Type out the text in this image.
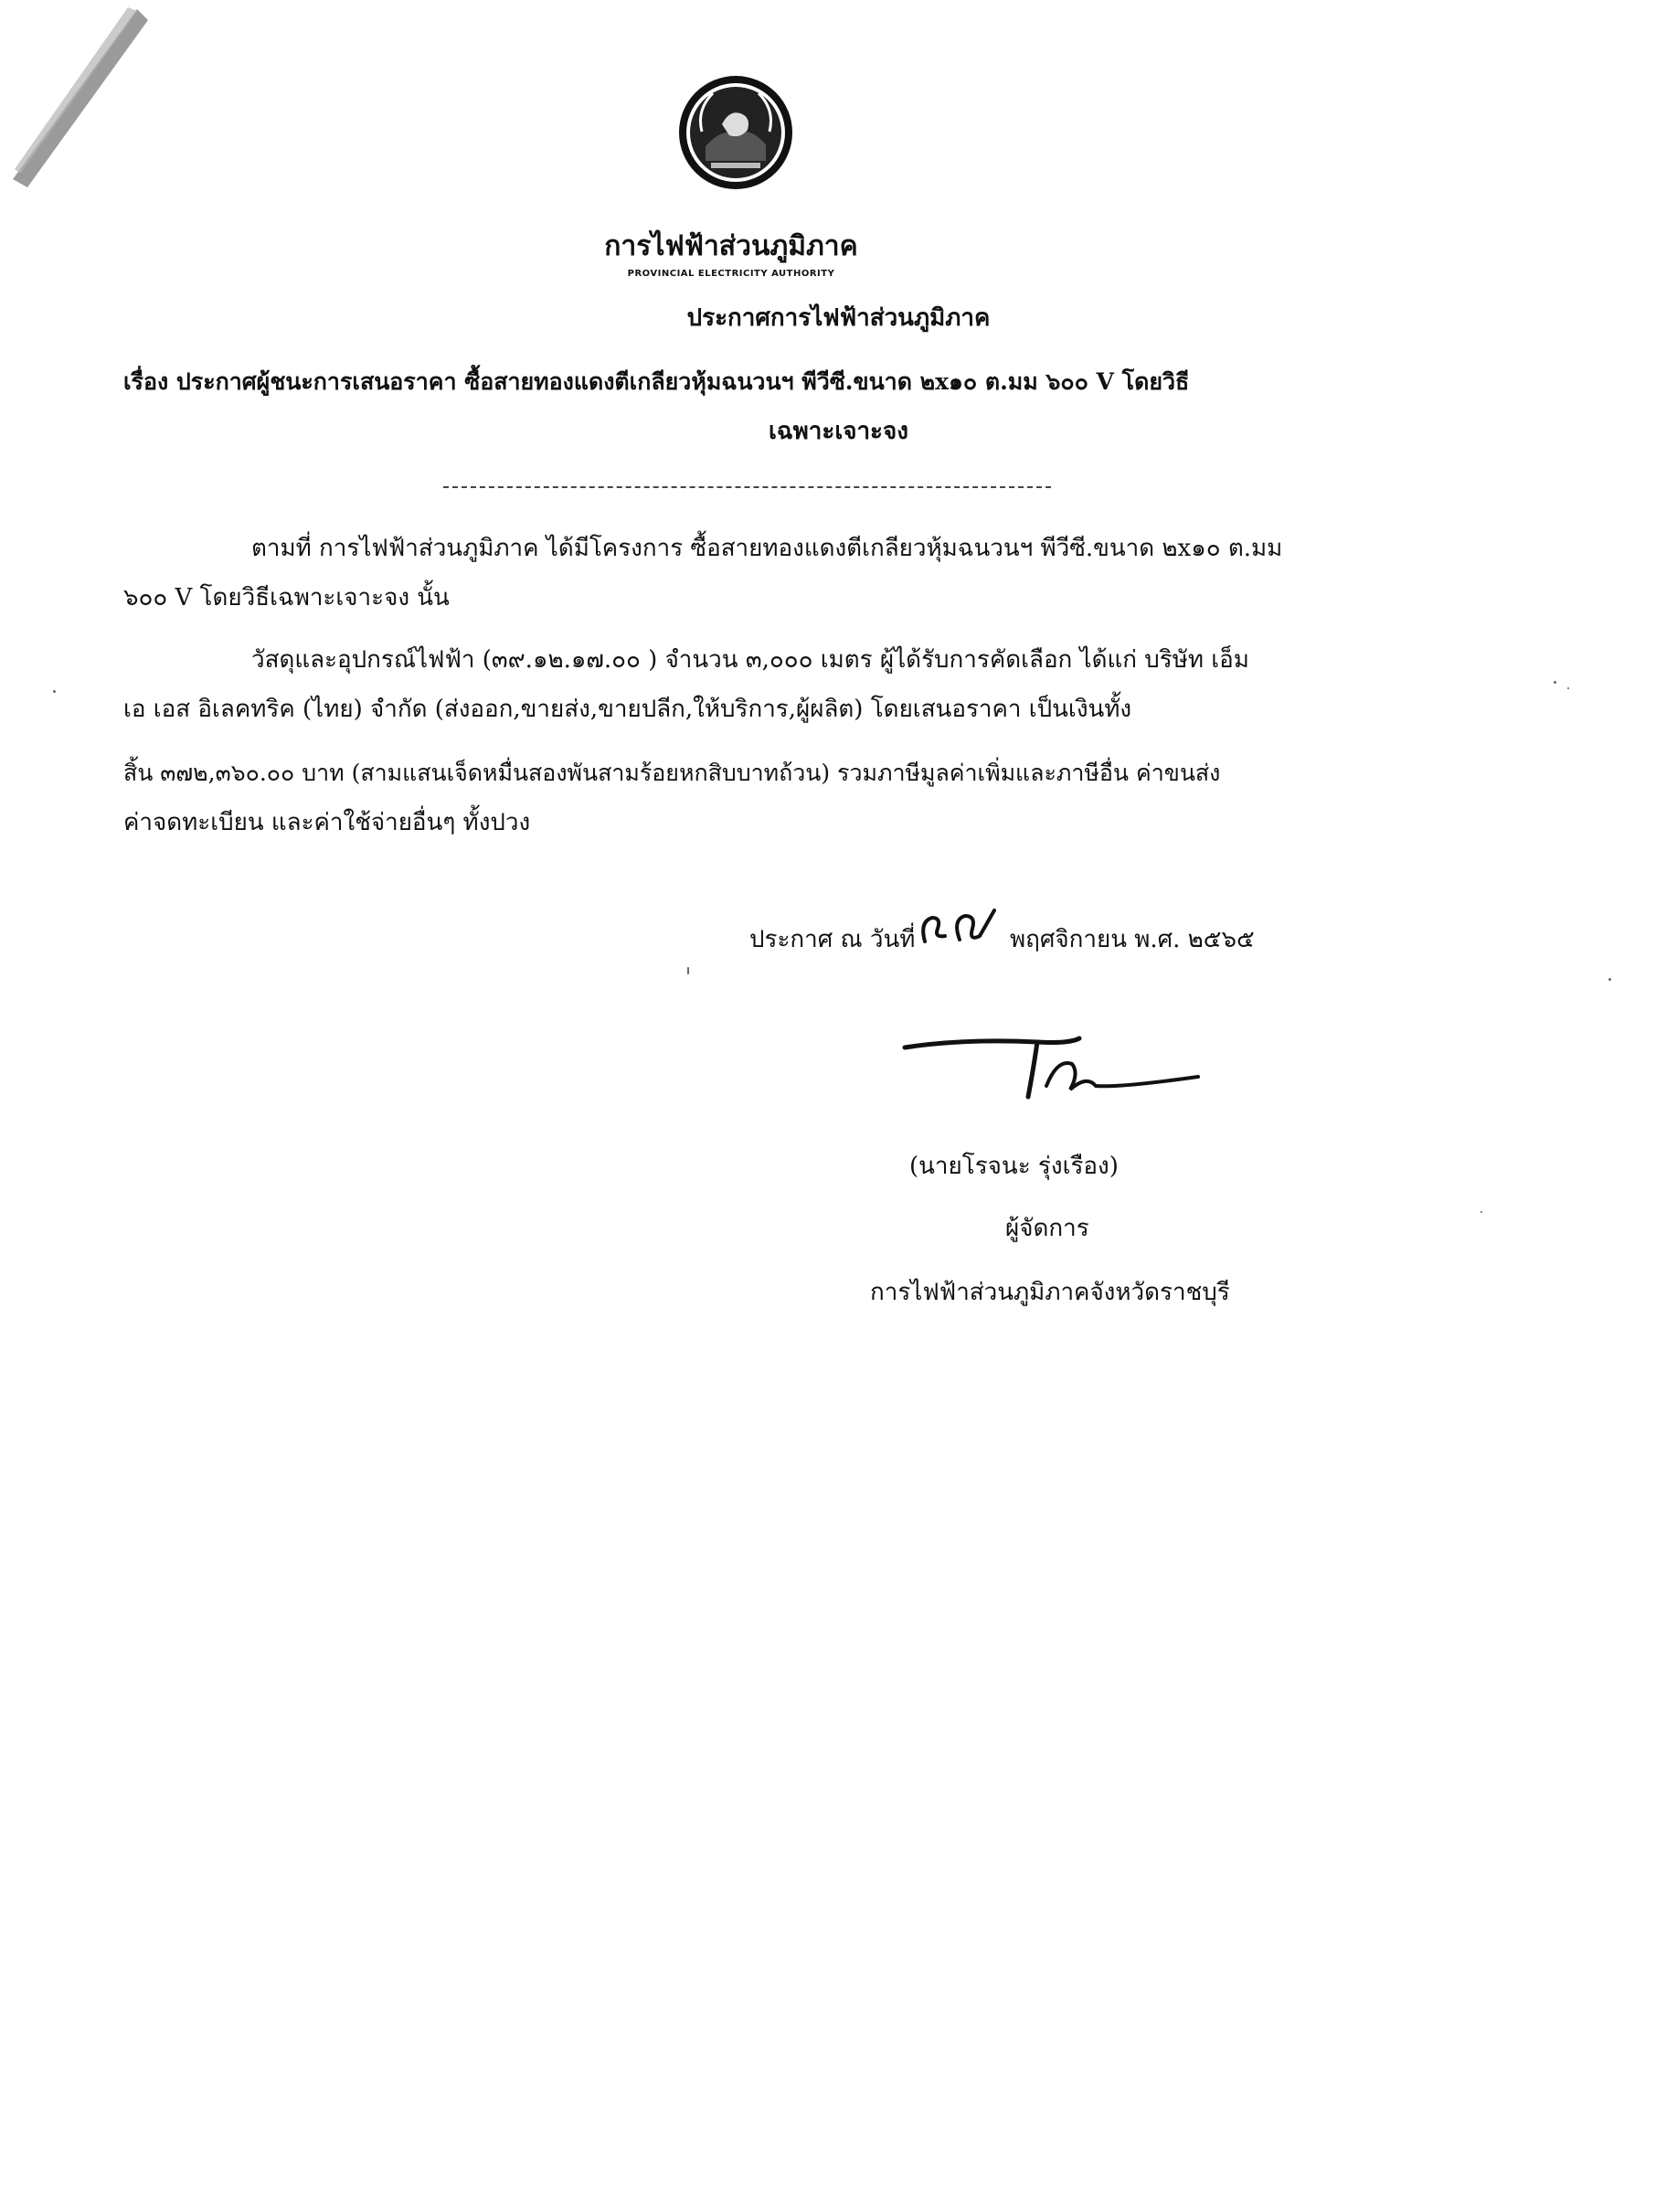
การไฟฟ้าส่วนภูมิภาค
PROVINCIAL ELECTRICITY AUTHORITY
ประกาศการไฟฟ้าส่วนภูมิภาค
เรื่อง ประกาศผู้ชนะการเสนอราคา ซื้อสายทองแดงตีเกลียวหุ้มฉนวนฯ พีวีซี.ขนาด ๒x๑๐ ต.มม ๖๐๐ V โดยวิธี
เฉพาะเจาะจง
ตามที่ การไฟฟ้าส่วนภูมิภาค ได้มีโครงการ ซื้อสายทองแดงตีเกลียวหุ้มฉนวนฯ พีวีซี.ขนาด ๒x๑๐ ต.มม
๖๐๐ V โดยวิธีเฉพาะเจาะจง นั้น
วัสดุและอุปกรณ์ไฟฟ้า (๓๙.๑๒.๑๗.๐๐ ) จำนวน ๓,๐๐๐ เมตร ผู้ได้รับการคัดเลือก ได้แก่ บริษัท เอ็ม
เอ เอส อิเลคทริค (ไทย) จำกัด (ส่งออก,ขายส่ง,ขายปลีก,ให้บริการ,ผู้ผลิต) โดยเสนอราคา เป็นเงินทั้ง
สิ้น ๓๗๒,๓๖๐.๐๐ บาท (สามแสนเจ็ดหมื่นสองพันสามร้อยหกสิบบาทถ้วน) รวมภาษีมูลค่าเพิ่มและภาษีอื่น ค่าขนส่ง
ค่าจดทะเบียน และค่าใช้จ่ายอื่นๆ ทั้งปวง
ประกาศ ณ วันที่	พฤศจิกายน พ.ศ. ๒๕๖๕
(นายโรจนะ รุ่งเรือง)
ผู้จัดการ
การไฟฟ้าส่วนภูมิภาคจังหวัดราชบุรี
